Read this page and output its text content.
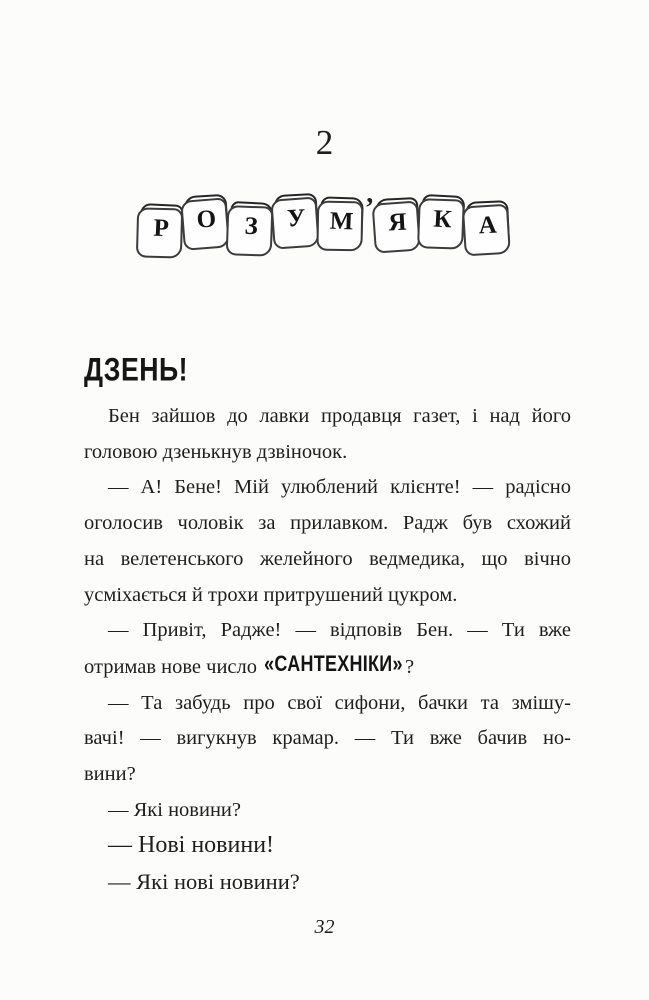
2
Р	О	З	У М ’ Я	К	А
ДЗЕНЬ!
Бен зайшов до лавки продавця газет, і над його
головою дзенькнув дзвіночок.
— А! Бене! Мій улюблений клієнте! — радісно
оголосив чоловік за прилавком. Радж був схожий
на велетенського желейного ведмедика, що вічно
усміхається й трохи притрушений цукром.
— Привіт, Радже! — відповів Бен. — Ти вже
отримав нове число «САНТЕХНІКИ» ?
— Та забудь про свої сифони, бачки та змішу-
вачі! — вигукнув крамар. — Ти вже бачив но-
вини?
— Які новини?
— Нові новини!
— Які нові новини?
32
